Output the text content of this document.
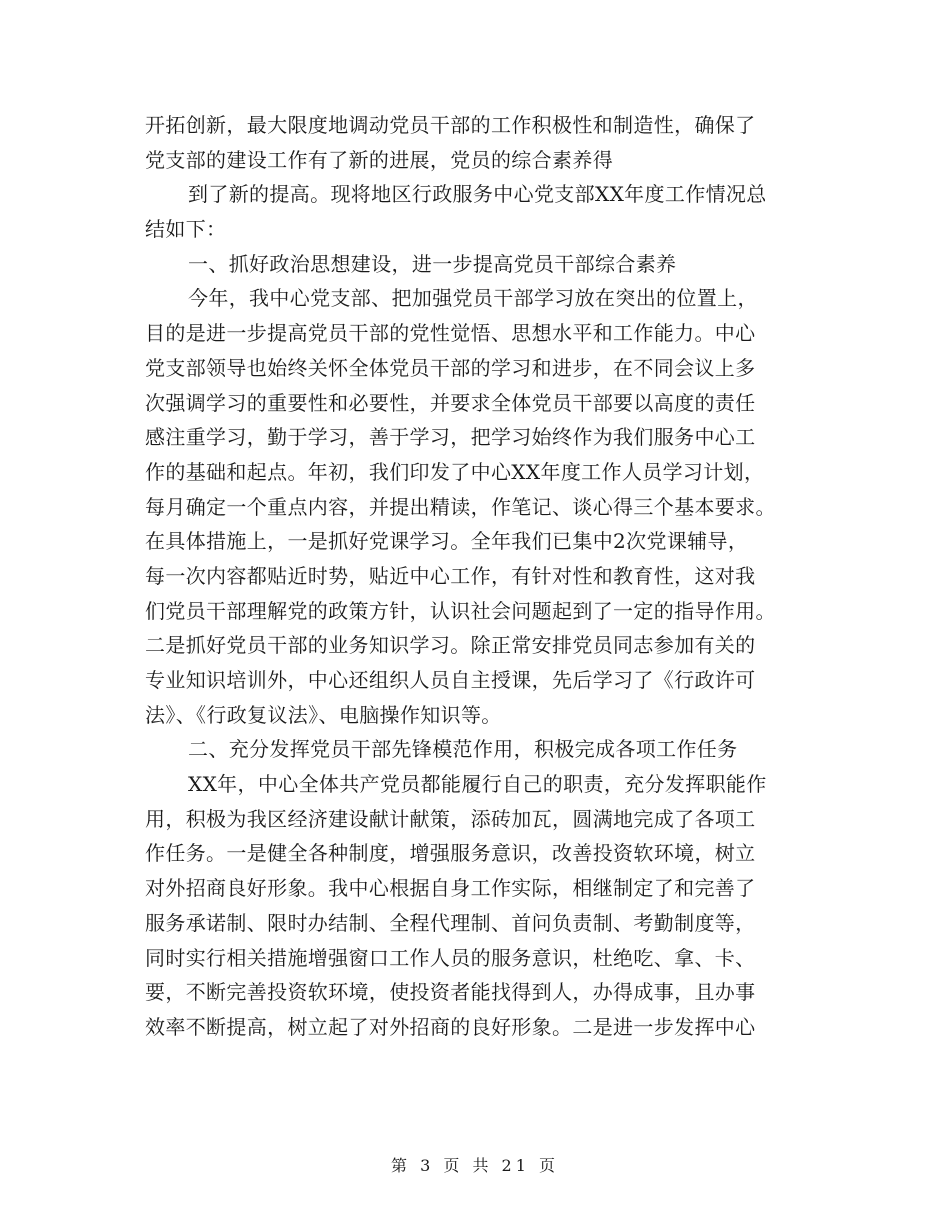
开拓创新，最大限度地调动党员干部的工作积极性和制造性，确保了
党支部的建设工作有了新的进展，党员的综合素养得
到了新的提高。现将地区行政服务中心党支部XX年度工作情况总
结如下：
一、抓好政治思想建设，进一步提高党员干部综合素养
今年，我中心党支部、把加强党员干部学习放在突出的位置上，
目的是进一步提高党员干部的党性觉悟、思想水平和工作能力。中心
党支部领导也始终关怀全体党员干部的学习和进步，在不同会议上多
次强调学习的重要性和必要性，并要求全体党员干部要以高度的责任
感注重学习，勤于学习，善于学习，把学习始终作为我们服务中心工
作的基础和起点。年初，我们印发了中心XX年度工作人员学习计划，
每月确定一个重点内容，并提出精读，作笔记、谈心得三个基本要求。
在具体措施上，一是抓好党课学习。全年我们已集中2次党课辅导，
每一次内容都贴近时势，贴近中心工作，有针对性和教育性，这对我
们党员干部理解党的政策方针，认识社会问题起到了一定的指导作用。
二是抓好党员干部的业务知识学习。除正常安排党员同志参加有关的
专业知识培训外，中心还组织人员自主授课，先后学习了《行政许可
法》、《行政复议法》、电脑操作知识等。
二、充分发挥党员干部先锋模范作用，积极完成各项工作任务
XX年，中心全体共产党员都能履行自己的职责，充分发挥职能作
用，积极为我区经济建设献计献策，添砖加瓦，圆满地完成了各项工
作任务。一是健全各种制度，增强服务意识，改善投资软环境，树立
对外招商良好形象。我中心根据自身工作实际，相继制定了和完善了
服务承诺制、限时办结制、全程代理制、首问负责制、考勤制度等，
同时实行相关措施增强窗口工作人员的服务意识，杜绝吃、拿、卡、
要，不断完善投资软环境，使投资者能找得到人，办得成事，且办事
效率不断提高，树立起了对外招商的良好形象。二是进一步发挥中心
第 3 页 共 21 页
